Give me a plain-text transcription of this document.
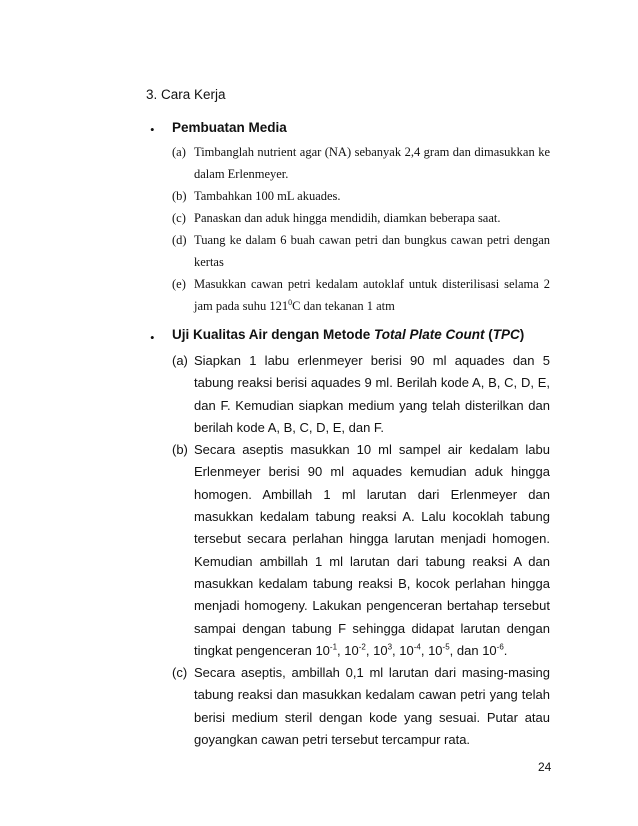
3. Cara Kerja
• Pembuatan Media
(a) Timbanglah nutrient agar (NA) sebanyak 2,4 gram dan dimasukkan ke dalam Erlenmeyer.
(b) Tambahkan 100 mL akuades.
(c) Panaskan dan aduk hingga mendidih, diamkan beberapa saat.
(d) Tuang ke dalam 6 buah cawan petri dan bungkus cawan petri dengan kertas
(e) Masukkan cawan petri kedalam autoklaf untuk disterilisasi selama 2 jam pada suhu $121^0C$ dan tekanan 1 atm
• Uji Kualitas Air dengan Metode Total Plate Count (TPC)
(a) Siapkan 1 labu erlenmeyer berisi 90 ml aquades dan 5 tabung reaksi berisi aquades 9 ml. Berilah kode A, B, C, D, E, dan F. Kemudian siapkan medium yang telah disterilkan dan berilah kode A, B, C, D, E, dan F.
(b) Secara aseptis masukkan 10 ml sampel air kedalam labu Erlenmeyer berisi 90 ml aquades kemudian aduk hingga homogen. Ambillah 1 ml larutan dari Erlenmeyer dan masukkan kedalam tabung reaksi A. Lalu kocoklah tabung tersebut secara perlahan hingga larutan menjadi homogen. Kemudian ambillah 1 ml larutan dari tabung reaksi A dan masukkan kedalam tabung reaksi B, kocok perlahan hingga menjadi homogeny. Lakukan pengenceran bertahap tersebut sampai dengan tabung F sehingga didapat larutan dengan tingkat pengenceran $10^{-1}$, $10^{-2}$, $10^3$, $10^{-4}$, $10^{-5}$, dan $10^{-6}$.
(c) Secara aseptis, ambillah 0,1 ml larutan dari masing-masing tabung reaksi dan masukkan kedalam cawan petri yang telah berisi medium steril dengan kode yang sesuai. Putar atau goyangkan cawan petri tersebut tercampur rata.
24
